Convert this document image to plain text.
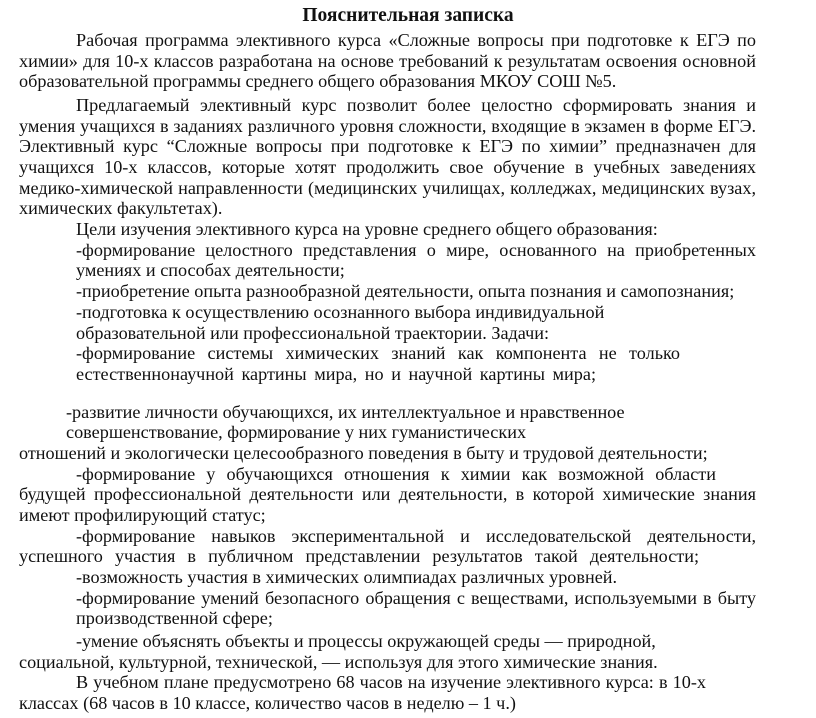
Пояснительная записка
Рабочая программа элективного курса «Сложные вопросы при подготовке к ЕГЭ по
химии» для 10-х классов разработана на основе требований к результатам освоения основной
образовательной программы среднего общего образования МКОУ СОШ №5.
Предлагаемый элективный курс позволит более целостно сформировать знания и
умения учащихся в заданиях различного уровня сложности, входящие в экзамен в форме ЕГЭ.
Элективный курс “Сложные вопросы при подготовке к ЕГЭ по химии” предназначен для
учащихся 10-х классов, которые хотят продолжить свое обучение в учебных заведениях
медико-химической направленности (медицинских училищах, колледжах, медицинских вузах,
химических факультетах).
Цели изучения элективного курса на уровне среднего общего образования:
-формирование целостного представления о мире, основанного на приобретенных
умениях и способах деятельности;
-приобретение опыта разнообразной деятельности, опыта познания и самопознания;
-подготовка к осуществлению осознанного выбора индивидуальной
образовательной или профессиональной траектории. Задачи:
-формирование системы химических знаний как компонента не только
естественнонаучной картины мира, но и научной картины мира;
-развитие личности обучающихся, их интеллектуальное и нравственное
совершенствование, формирование у них гуманистических
отношений и экологически целесообразного поведения в быту и трудовой деятельности;
-формирование у обучающихся отношения к химии как возможной области
будущей профессиональной деятельности или деятельности, в которой химические знания
имеют профилирующий статус;
-формирование навыков экспериментальной и исследовательской деятельности,
успешного участия в публичном представлении результатов такой деятельности;
-возможность участия в химических олимпиадах различных уровней.
-формирование умений безопасного обращения с веществами, используемыми в быту
производственной сфере;
-умение объяснять объекты и процессы окружающей среды — природной,
социальной, культурной, технической, — используя для этого химические знания.
В учебном плане предусмотрено 68 часов на изучение элективного курса: в 10-х
классах (68 часов в 10 классе, количество часов в неделю – 1 ч.)
